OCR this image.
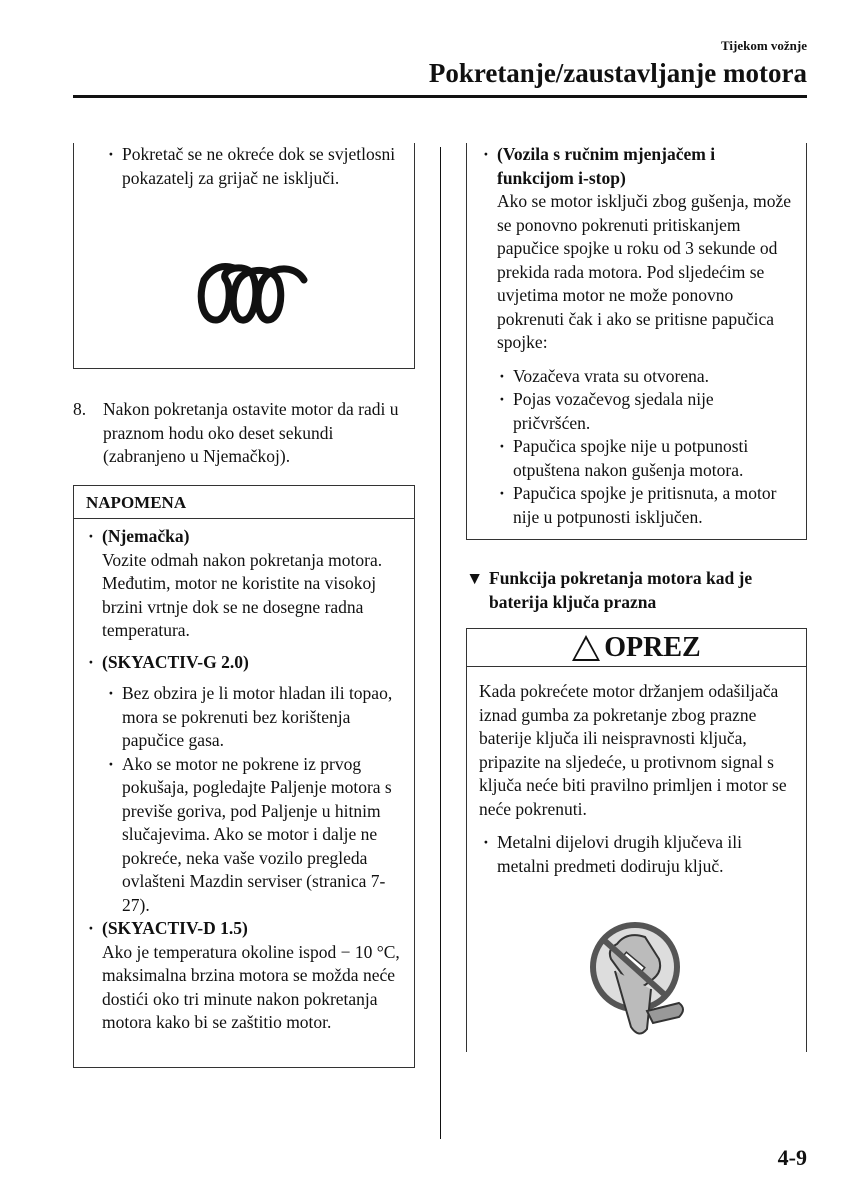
Tijekom vožnje
Pokretanje/zaustavljanje motora
· Pokretač se ne okreće dok se svjetlosni pokazatelj za grijač ne isključi.
8. Nakon pokretanja ostavite motor da radi u praznom hodu oko deset sekundi (zabranjeno u Njemačkoj).
NAPOMENA
· (Njemačka)
Vozite odmah nakon pokretanja motora. Međutim, motor ne koristite na visokoj brzini vrtnje dok se ne dosegne radna temperatura.
· (SKYACTIV-G 2.0)
· Bez obzira je li motor hladan ili topao, mora se pokrenuti bez korištenja papučice gasa.
· Ako se motor ne pokrene iz prvog pokušaja, pogledajte Paljenje motora s previše goriva, pod Paljenje u hitnim slučajevima. Ako se motor i dalje ne pokreće, neka vaše vozilo pregleda ovlašteni Mazdin serviser (stranica 7-27).
· (SKYACTIV-D 1.5)
Ako je temperatura okoline ispod − 10 °C, maksimalna brzina motora se možda neće dostići oko tri minute nakon pokretanja motora kako bi se zaštitio motor.
· (Vozila s ručnim mjenjačem i funkcijom i-stop)
Ako se motor isključi zbog gušenja, može se ponovno pokrenuti pritiskanjem papučice spojke u roku od 3 sekunde od prekida rada motora. Pod sljedećim se uvjetima motor ne može ponovno pokrenuti čak i ako se pritisne papučica spojke:
· Vozačeva vrata su otvorena.
· Pojas vozačevog sjedala nije pričvršćen.
· Papučica spojke nije u potpunosti otpuštena nakon gušenja motora.
· Papučica spojke je pritisnuta, a motor nije u potpunosti isključen.
▼ Funkcija pokretanja motora kad je baterija ključa prazna
! OPREZ
Kada pokrećete motor držanjem odašiljača iznad gumba za pokretanje zbog prazne baterije ključa ili neispravnosti ključa, pripazite na sljedeće, u protivnom signal s ključa neće biti pravilno primljen i motor se neće pokrenuti.
· Metalni dijelovi drugih ključeva ili metalni predmeti dodiruju ključ.
4-9
